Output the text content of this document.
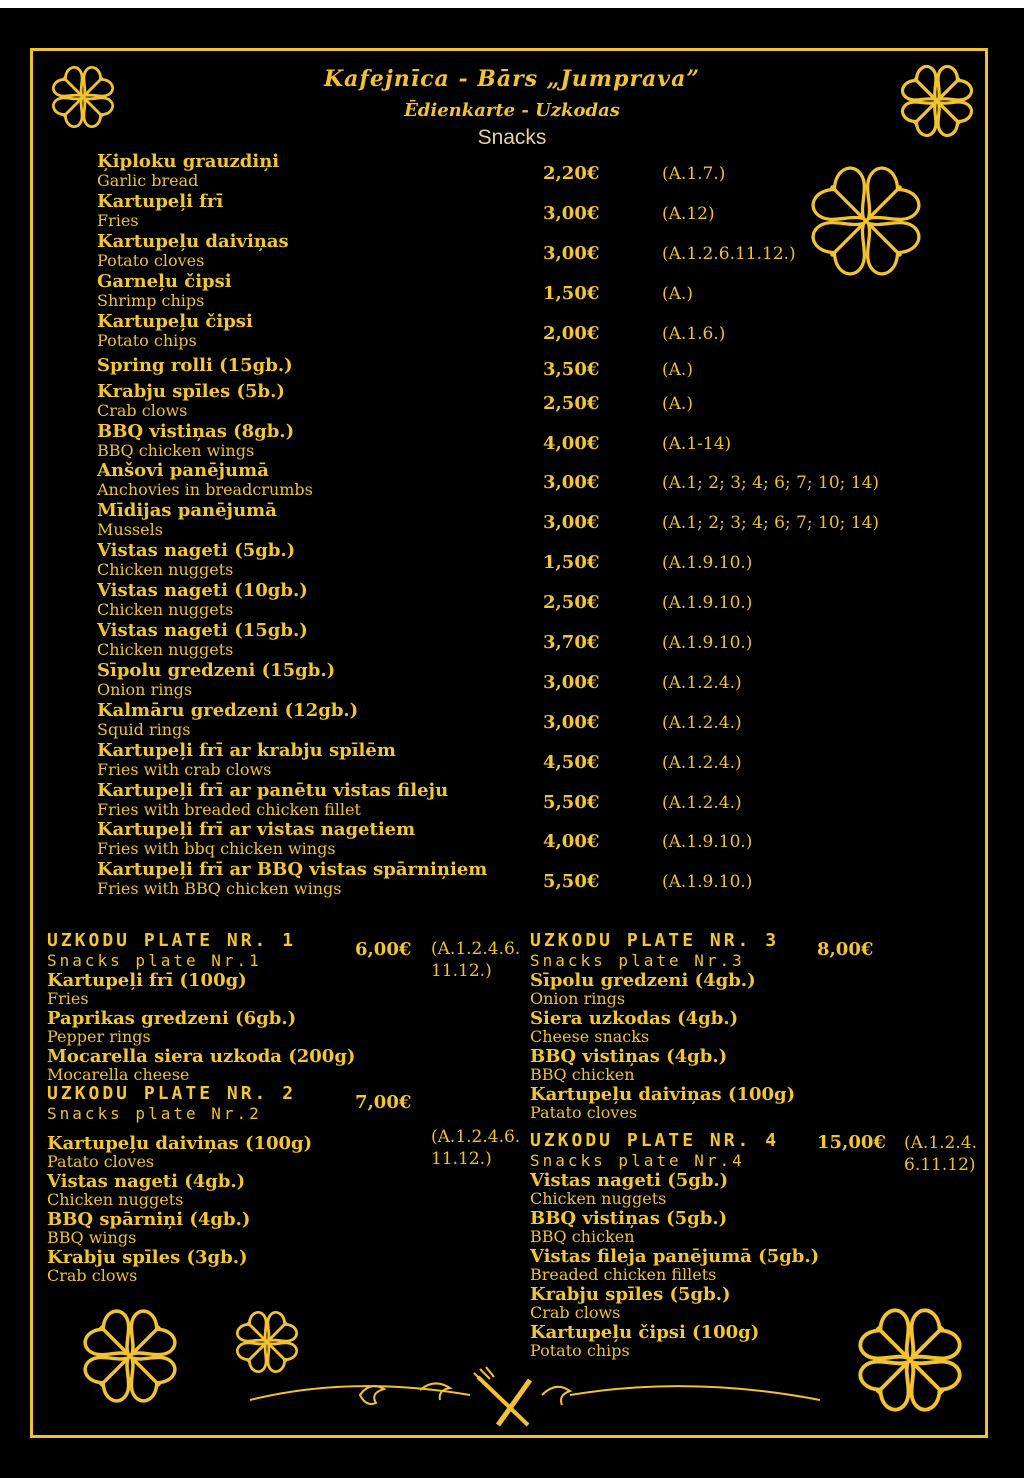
Kafejnīca - Bārs „Jumprava”
Ēdienkarte - Uzkodas
Snacks
Ķiploku grauzdiņi
Garlic bread	2,20€	(A.1.7.)
Kartupeļi frī
Fries	3,00€	(A.12)
Kartupeļu daiviņas
Potato cloves	3,00€	(A.1.2.6.11.12.)
Garneļu čipsi
Shrimp chips	1,50€	(A.)
Kartupeļu čipsi
Potato chips	2,00€	(A.1.6.)
Spring rolli (15gb.)	3,50€	(A.)
Krabju spīles (5b.)
Crab clows	2,50€	(A.)
BBQ vistiņas (8gb.)
BBQ chicken wings	4,00€	(A.1-14)
Anšovi panējumā
Anchovies in breadcrumbs	3,00€	(A.1; 2; 3; 4; 6; 7; 10; 14)
Mīdijas panējumā
Mussels	3,00€	(A.1; 2; 3; 4; 6; 7; 10; 14)
Vistas nageti (5gb.)
Chicken nuggets	1,50€	(A.1.9.10.)
Vistas nageti (10gb.)
Chicken nuggets	2,50€	(A.1.9.10.)
Vistas nageti (15gb.)
Chicken nuggets	3,70€	(A.1.9.10.)
Sīpolu gredzeni (15gb.)
Onion rings	3,00€	(A.1.2.4.)
Kalmāru gredzeni (12gb.)
Squid rings	3,00€	(A.1.2.4.)
Kartupeļi frī ar krabju spīlēm
Fries with crab clows	4,50€	(A.1.2.4.)
Kartupeļi frī ar panētu vistas fileju
Fries with breaded chicken fillet	5,50€	(A.1.2.4.)
Kartupeļi frī ar vistas nagetiem
Fries with bbq chicken wings	4,00€	(A.1.9.10.)
Kartupeļi frī ar BBQ vistas spārniņiem
Fries with BBQ chicken wings	5,50€	(A.1.9.10.)
UZKODU PLATE NR. 1
Snacks plate Nr.1
6,00€ (A.1.2.4.6.
11.12.)
Kartupeļi frī (100g)
Fries
Paprikas gredzeni (6gb.)
Pepper rings
Mocarella siera uzkoda (200g)
Mocarella cheese
UZKODU PLATE NR. 2
Snacks plate Nr.2
7,00€
(A.1.2.4.6.
11.12.)
Kartupeļu daiviņas (100g)
Patato cloves
Vistas nageti (4gb.)
Chicken nuggets
BBQ spārniņi (4gb.)
BBQ wings
Krabju spīles (3gb.)
Crab clows
UZKODU PLATE NR. 3
Snacks plate Nr.3
8,00€
Sīpolu gredzeni (4gb.)
Onion rings
Siera uzkodas (4gb.)
Cheese snacks
BBQ vistiņas (4gb.)
BBQ chicken
Kartupeļu daiviņas (100g)
Patato cloves
UZKODU PLATE NR. 4
Snacks plate Nr.4
15,00€ (A.1.2.4.
6.11.12)
Vistas nageti (5gb.)
Chicken nuggets
BBQ vistiņas (5gb.)
BBQ chicken
Vistas fileja panējumā (5gb.)
Breaded chicken fillets
Krabju spīles (5gb.)
Crab clows
Kartupeļu čipsi (100g)
Potato chips
